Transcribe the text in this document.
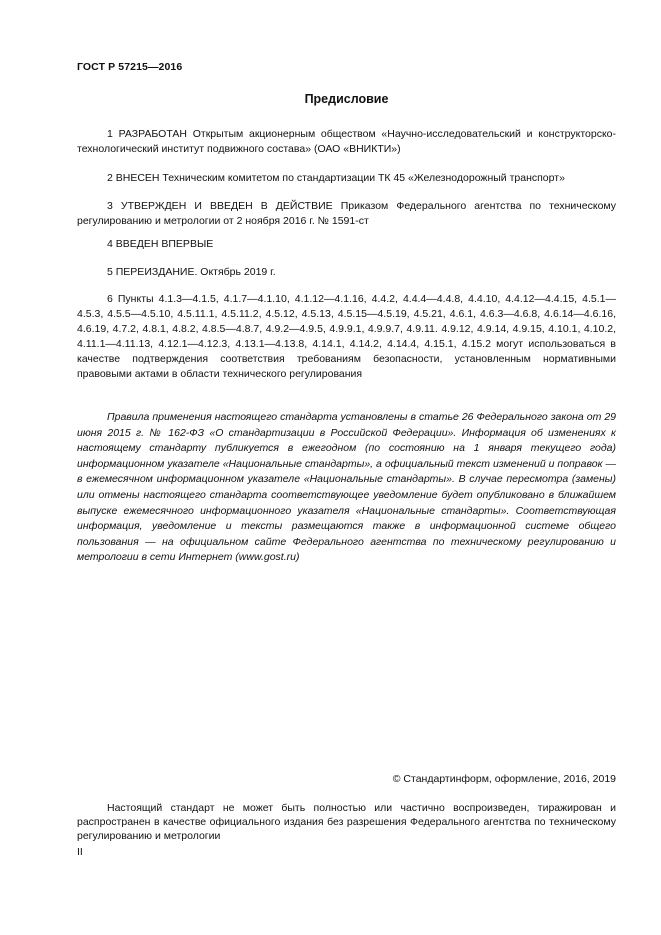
ГОСТ Р 57215—2016
Предисловие

1 РАЗРАБОТАН Открытым акционерным обществом «Научно-исследовательский и конструкторско-технологический институт подвижного состава» (ОАО «ВНИКТИ»)

2 ВНЕСЕН Техническим комитетом по стандартизации ТК 45 «Железнодорожный транспорт»

3 УТВЕРЖДЕН И ВВЕДЕН В ДЕЙСТВИЕ Приказом Федерального агентства по техническому регулированию и метрологии от 2 ноября 2016 г. № 1591-ст

4 ВВЕДЕН ВПЕРВЫЕ

5 ПЕРЕИЗДАНИЕ. Октябрь 2019 г.

6 Пункты 4.1.3—4.1.5, 4.1.7—4.1.10, 4.1.12—4.1.16, 4.4.2, 4.4.4—4.4.8, 4.4.10, 4.4.12—4.4.15, 4.5.1—4.5.3, 4.5.5—4.5.10, 4.5.11.1, 4.5.11.2, 4.5.12, 4.5.13, 4.5.15—4.5.19, 4.5.21, 4.6.1, 4.6.3—4.6.8, 4.6.14—4.6.16, 4.6.19, 4.7.2, 4.8.1, 4.8.2, 4.8.5—4.8.7, 4.9.2—4.9.5, 4.9.9.1, 4.9.9.7, 4.9.11. 4.9.12, 4.9.14, 4.9.15, 4.10.1, 4.10.2, 4.11.1—4.11.13, 4.12.1—4.12.3, 4.13.1—4.13.8, 4.14.1, 4.14.2, 4.14.4, 4.15.1, 4.15.2 могут использоваться в качестве подтверждения соответствия требованиям безопасности, установленным нормативными правовыми актами в области технического регулирования

Правила применения настоящего стандарта установлены в статье 26 Федерального закона от 29 июня 2015 г. № 162-ФЗ «О стандартизации в Российской Федерации». Информация об изменениях к настоящему стандарту публикуется в ежегодном (по состоянию на 1 января текущего года) информационном указателе «Национальные стандарты», а официальный текст изменений и поправок — в ежемесячном информационном указателе «Национальные стандарты». В случае пересмотра (замены) или отмены настоящего стандарта соответствующее уведомление будет опубликовано в ближайшем выпуске ежемесячного информационного указателя «Национальные стандарты». Соответствующая информация, уведомление и тексты размещаются также в информационной системе общего пользования — на официальном сайте Федерального агентства по техническому регулированию и метрологии в сети Интернет (www.gost.ru)

© Стандартинформ, оформление, 2016, 2019

Настоящий стандарт не может быть полностью или частично воспроизведен, тиражирован и распространен в качестве официального издания без разрешения Федерального агентства по техническому регулированию и метрологии

II
